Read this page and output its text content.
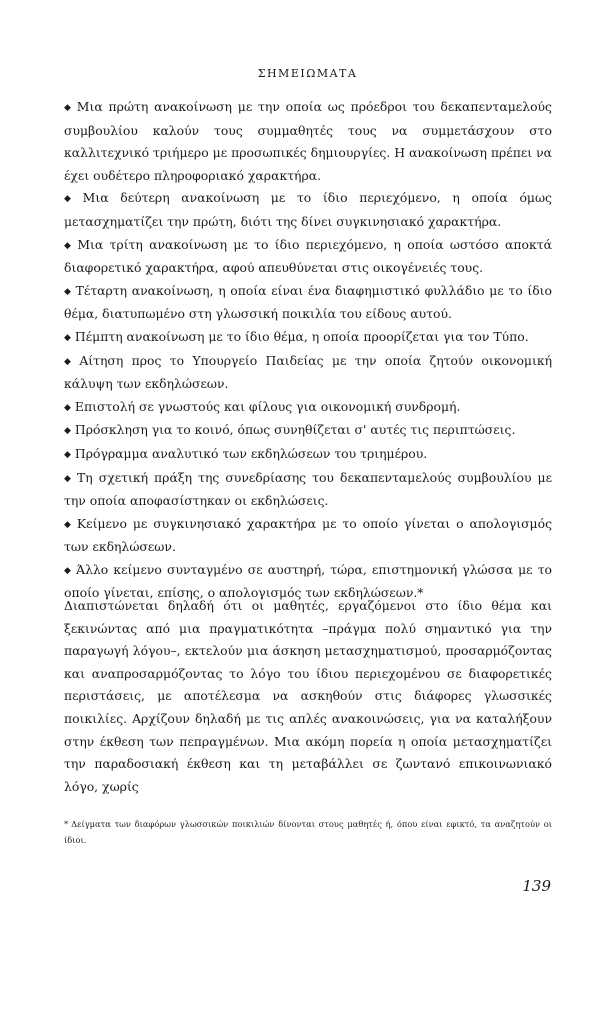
ΣΗΜΕΙΩΜΑΤΑ

◆ Μια πρώτη ανακοίνωση με την οποία ως πρόεδροι του δεκαπενταμελούς συμβουλίου καλούν τους συμμαθητές τους να συμμετάσχουν στο καλλιτεχνικό τριήμερο με προσωπικές δημιουργίες. Η ανακοίνωση πρέπει να έχει ουδέτερο πληροφοριακό χαρακτήρα.

◆ Μια δεύτερη ανακοίνωση με το ίδιο περιεχόμενο, η οποία όμως μετασχηματίζει την πρώτη, διότι της δίνει συγκινησιακό χαρακτήρα.

◆ Μια τρίτη ανακοίνωση με το ίδιο περιεχόμενο, η οποία ωστόσο αποκτά διαφορετικό χαρακτήρα, αφού απευθύνεται στις οικογένειές τους.

◆ Τέταρτη ανακοίνωση, η οποία είναι ένα διαφημιστικό φυλλάδιο με το ίδιο θέμα, διατυπωμένο στη γλωσσική ποικιλία του είδους αυτού.

◆ Πέμπτη ανακοίνωση με το ίδιο θέμα, η οποία προορίζεται για τον Τύπο.

◆ Αίτηση προς το Υπουργείο Παιδείας με την οποία ζητούν οικονομική κάλυψη των εκδηλώσεων.

◆ Επιστολή σε γνωστούς και φίλους για οικονομική συνδρομή.

◆ Πρόσκληση για το κοινό, όπως συνηθίζεται σ' αυτές τις περιπτώσεις.

◆ Πρόγραμμα αναλυτικό των εκδηλώσεων του τριημέρου.

◆ Τη σχετική πράξη της συνεδρίασης του δεκαπενταμελούς συμβουλίου με την οποία αποφασίστηκαν οι εκδηλώσεις.

◆ Κείμενο με συγκινησιακό χαρακτήρα με το οποίο γίνεται ο απολογισμός των εκδηλώσεων.

◆ Άλλο κείμενο συνταγμένο σε αυστηρή, τώρα, επιστημονική γλώσσα με το οποίο γίνεται, επίσης, ο απολογισμός των εκδηλώσεων.*

Διαπιστώνεται δηλαδή ότι οι μαθητές, εργαζόμενοι στο ίδιο θέμα και ξεκινώντας από μια πραγματικότητα –πράγμα πολύ σημαντικό για την παραγωγή λόγου–, εκτελούν μια άσκηση μετασχηματισμού, προσαρμόζοντας και αναπροσαρμόζοντας το λόγο του ίδιου περιεχομένου σε διαφορετικές περιστάσεις, με αποτέλεσμα να ασκηθούν στις διάφορες γλωσσικές ποικιλίες. Αρχίζουν δηλαδή με τις απλές ανακοινώσεις, για να καταλήξουν στην έκθεση των πεπραγμένων. Μια ακόμη πορεία η οποία μετασχηματίζει την παραδοσιακή έκθεση και τη μεταβάλλει σε ζωντανό επικοινωνιακό λόγο, χωρίς

* Δείγματα των διαφόρων γλωσσικών ποικιλιών δίνονται στους μαθητές ή, όπου είναι εφικτό, τα αναζητούν οι ίδιοι.
139
